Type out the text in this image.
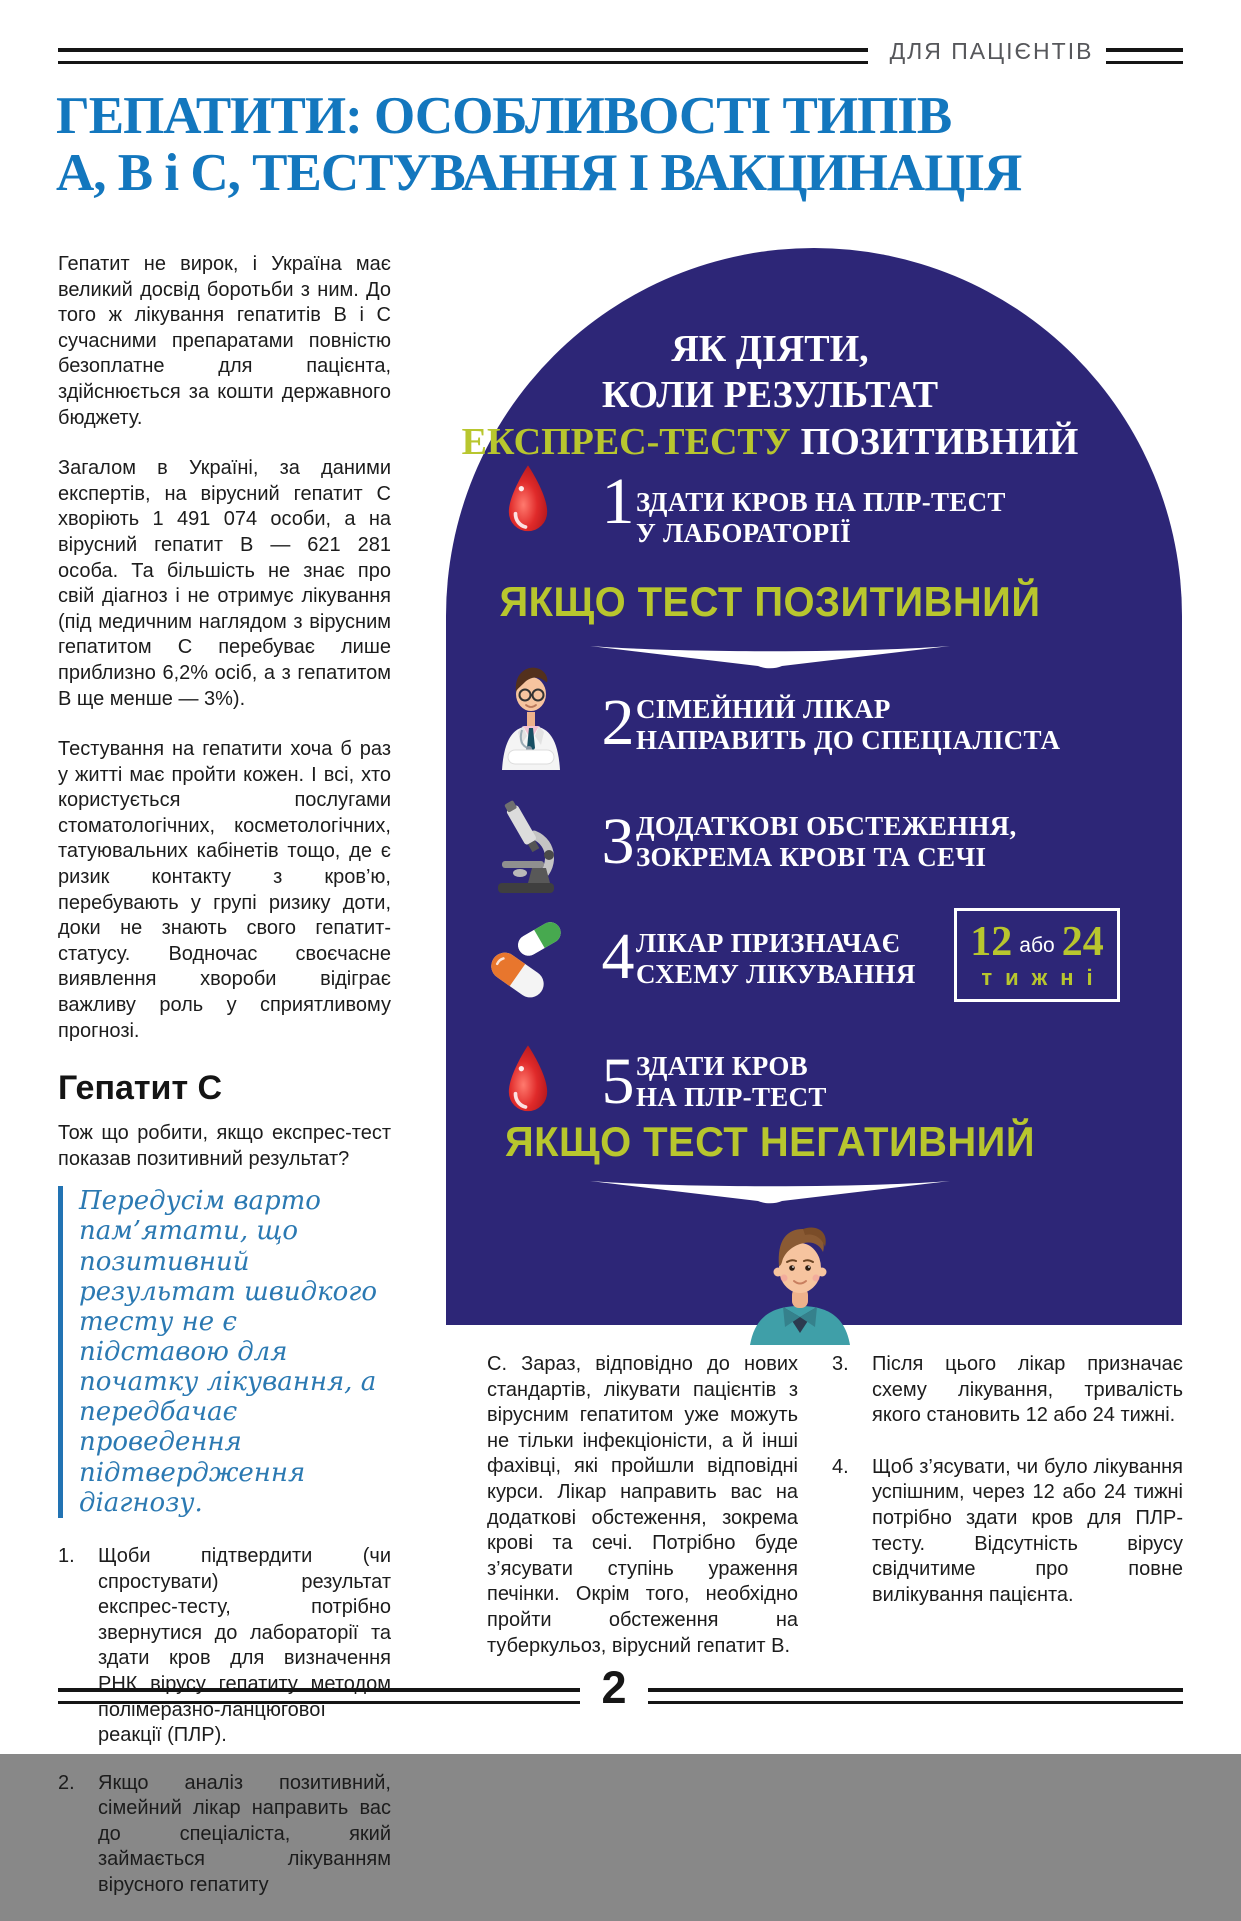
ДЛЯ ПАЦІЄНТІВ
ГЕПАТИТИ: ОСОБЛИВОСТІ ТИПІВ
А, В і С, ТЕСТУВАННЯ І ВАКЦИНАЦІЯ

Гепатит не вирок, і Україна має великий досвід боротьби з ним. До того ж лікування гепатитів В і С сучасними препаратами повністю безоплатне для пацієнта, здійснюється за кошти державного бюджету.

Загалом в Україні, за даними експертів, на вірусний гепатит С хворіють 1 491 074 особи, а на вірусний гепатит В — 621 281 особа. Та більшість не знає про свій діагноз і не отримує лікування (під медичним наглядом з вірусним гепатитом С перебуває лише приблизно 6,2% осіб, а з гепатитом В ще менше — 3%).

Тестування на гепатити хоча б раз у житті має пройти кожен. І всі, хто користується послугами стоматологічних, косметологічних, татуювальних кабінетів тощо, де є ризик контакту з кров’ю, перебувають у групі ризику доти, доки не знають свого гепатит-статусу. Водночас своєчасне виявлення хвороби відіграє важливу роль у сприятливому прогнозі.

Гепатит С

Тож що робити, якщо експрес-тест показав позитивний результат?

Передусім варто пам’ятати, що позитивний результат швидкого тесту не є підставою для початку лікування, а передбачає проведення підтвердження діагнозу.
1. Щоби підтвердити (чи спростувати) результат експрес-тесту, потрібно звернутися до лабораторії та здати кров для визначення РНК вірусу гепатиту методом полімеразно-ланцюгової реакції (ПЛР).
2. Якщо аналіз позитивний, сімейний лікар направить вас до спеціаліста, який займається лікуванням вірусного гепатиту
ЯК ДІЯТИ,
КОЛИ РЕЗУЛЬТАТ
ЕКСПРЕС-ТЕСТУ ПОЗИТИВНИЙ
1 ЗДАТИ КРОВ НА ПЛР-ТЕСТ
У ЛАБОРАТОРІЇ
ЯКЩО ТЕСТ ПОЗИТИВНИЙ
2 СІМЕЙНИЙ ЛІКАР
НАПРАВИТЬ ДО СПЕЦІАЛІСТА
3 ДОДАТКОВІ ОБСТЕЖЕННЯ,
ЗОКРЕМА КРОВІ ТА СЕЧІ
4 ЛІКАР ПРИЗНАЧАЄ
СХЕМУ ЛІКУВАННЯ
12 або 24
тижні
5 ЗДАТИ КРОВ
НА ПЛР-ТЕСТ
ЯКЩО ТЕСТ НЕГАТИВНИЙ
С. Зараз, відповідно до нових стандартів, лікувати пацієнтів з вірусним гепатитом уже можуть не тільки інфекціоністи, а й інші фахівці, які пройшли відповідні курси. Лікар направить вас на додаткові обстеження, зокрема крові та сечі. Потрібно буде з’ясувати ступінь ураження печінки. Окрім того, необхідно пройти обстеження на туберкульоз, вірусний гепатит В.
3. Після цього лікар призначає схему лікування, тривалість якого становить 12 або 24 тижні.
4. Щоб з’ясувати, чи було лікування успішним, через 12 або 24 тижні потрібно здати кров для ПЛР-тесту. Відсутність вірусу свідчитиме про повне вилікування пацієнта.
2
